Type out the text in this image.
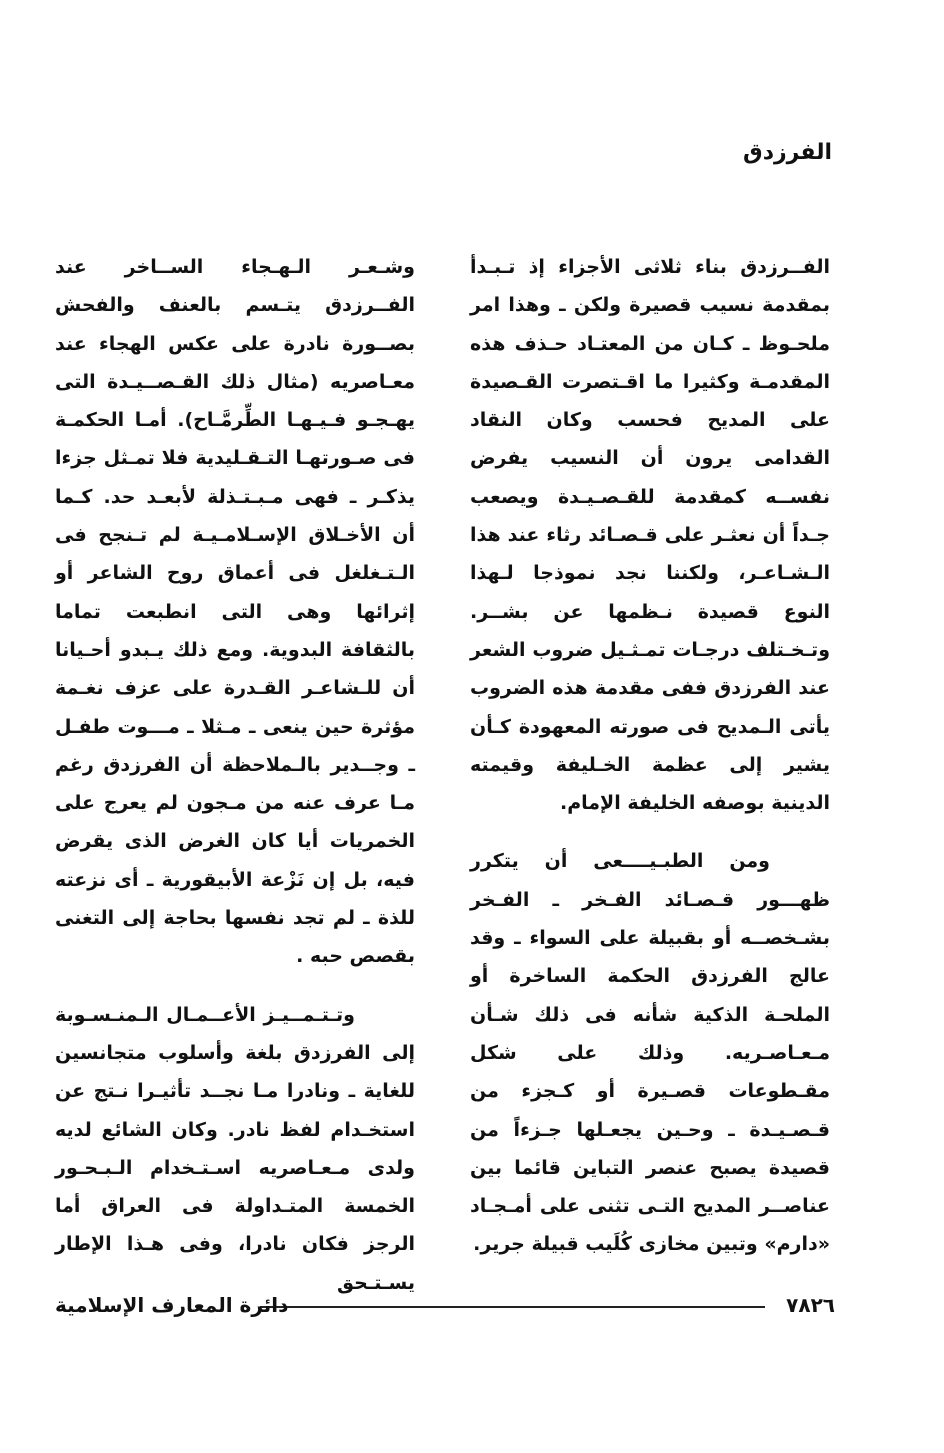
الفرزدق

الفــرزدق بناء ثلاثى الأجزاء إذ تـبـدأ بمقدمة نسيب قصيرة ولكن ـ وهذا امر ملحـوظ ـ كـان من المعتـاد حـذف هذه المقدمـة وكثيرا ما اقـتصرت القـصيدة على المديح فحسب وكان النقاد القدامى يرون أن النسيب يفرض نفســه كمقدمة للقـصـيـدة ويصعب جـداً أن نعثـر على قـصـائد رثاء عند هذا الـشـاعـر، ولكننا نجد نموذجا لـهذا النوع قصيدة نـظمها عن بشــر. وتـخـتلف درجـات تمـثـيل ضروب الشعر عند الفرزدق ففى مقدمة هذه الضروب يأتى الـمديح فى صورته المعهودة كـأن يشير إلى عظمة الخـليفة وقيمته الدينية بوصفه الخليفة الإمام.

ومن الطبـيــــعى أن يتكرر ظهـــور قـصـائد الفـخر ـ الفـخر بشـخصــه أو بقبيلة على السواء ـ وقد عالج الفرزدق الحكمة الساخرة أو الملحـة الذكية شأنه فى ذلك شـأن مـعـاصـريه. وذلك على شكل مقـطوعات قصـيرة أو كـجزء من قـصـيـدة ـ وحـين يجعـلها جـزءاً من قصيدة يصبح عنصر التباين قائما بين عناصــر المديح التـى تثنى على أمـجـاد «دارم» وتبين مخازى كُلَيب قبيلة جرير.

وشـعـر الـهـجاء الســاخر عند الفــرزدق يتـسم بالعنف والفحش بصــورة نادرة على عكس الهجاء عند معـاصريه (مثال ذلك القـصــيـدة التى يهـجـو فـيـهـا الطِّرمَّـاح). أمـا الحكمـة فى صـورتهـا التـقـليدية فلا تمـثل جزءا يذكـر ـ فهى مـبـتـذلة لأبعـد حد. كـما أن الأخـلاق الإسـلامـيـة لم تـنجح فى الـتـغلغل فى أعماق روح الشاعر أو إثرائها وهى التى انطبعت تماما بالثقافة البدوية. ومع ذلك يـبدو أحـيانا أن للـشاعـر القـدرة على عزف نغـمة مؤثرة حين ينعى ـ مـثلا ـ مـــوت طفـل ـ وجــدير بالـملاحظة أن الفرزدق رغم مـا عرف عنه من مـجون لم يعرج على الخمريات أيا كان الغرض الذى يقرض فيه، بل إن نَزْعة الأبيقورية ـ أى نزعته للذة ـ لم تجد نفسها بحاجة إلى التغنى بقصص حبه .

وتـتـمــيـز الأعــمـال الـمنـسـوبة إلى الفرزدق بلغة وأسلوب متجانسين للغاية ـ ونادرا مـا نجــد تأثيـرا نـتج عن استخـدام لفظ نادر. وكان الشائع لديه ولدى مـعـاصريه اسـتـخدام الـبـحـور الخمسة المتـداولة فى العراق أما الرجز فكان نادرا، وفى هـذا الإطار يسـتـحق

٧٨٢٦
دائرة المعارف الإسلامية
